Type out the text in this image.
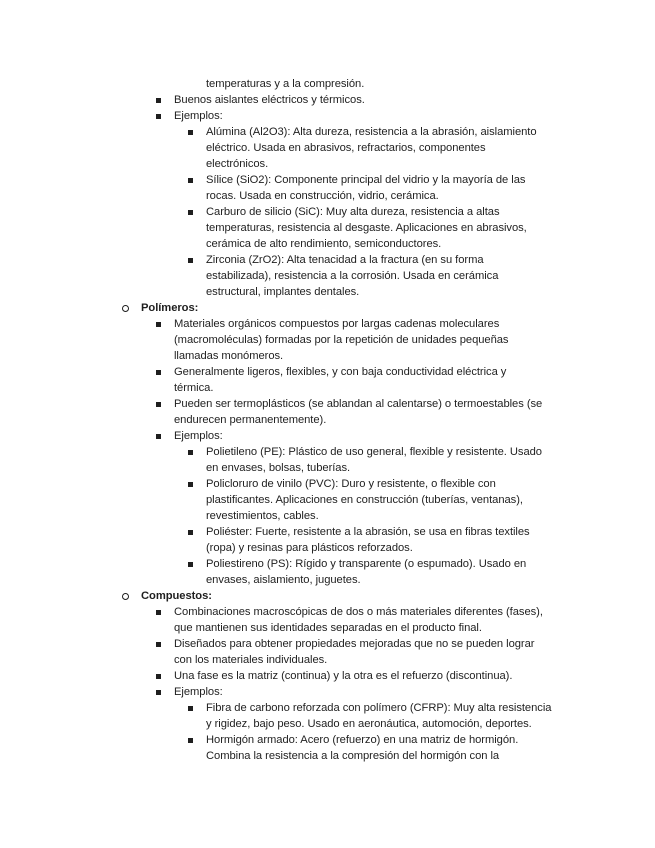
temperaturas y a la compresión.
Buenos aislantes eléctricos y térmicos.
Ejemplos:
Alúmina (Al2O3): Alta dureza, resistencia a la abrasión, aislamiento
eléctrico. Usada en abrasivos, refractarios, componentes
electrónicos.
Sílice (SiO2): Componente principal del vidrio y la mayoría de las
rocas. Usada en construcción, vidrio, cerámica.
Carburo de silicio (SiC): Muy alta dureza, resistencia a altas
temperaturas, resistencia al desgaste. Aplicaciones en abrasivos,
cerámica de alto rendimiento, semiconductores.
Zirconia (ZrO2): Alta tenacidad a la fractura (en su forma
estabilizada), resistencia a la corrosión. Usada en cerámica
estructural, implantes dentales.
Polímeros:
Materiales orgánicos compuestos por largas cadenas moleculares
(macromoléculas) formadas por la repetición de unidades pequeñas
llamadas monómeros.
Generalmente ligeros, flexibles, y con baja conductividad eléctrica y
térmica.
Pueden ser termoplásticos (se ablandan al calentarse) o termoestables (se
endurecen permanentemente).
Ejemplos:
Polietileno (PE): Plástico de uso general, flexible y resistente. Usado
en envases, bolsas, tuberías.
Policloruro de vinilo (PVC): Duro y resistente, o flexible con
plastificantes. Aplicaciones en construcción (tuberías, ventanas),
revestimientos, cables.
Poliéster: Fuerte, resistente a la abrasión, se usa en fibras textiles
(ropa) y resinas para plásticos reforzados.
Poliestireno (PS): Rígido y transparente (o espumado). Usado en
envases, aislamiento, juguetes.
Compuestos:
Combinaciones macroscópicas de dos o más materiales diferentes (fases),
que mantienen sus identidades separadas en el producto final.
Diseñados para obtener propiedades mejoradas que no se pueden lograr
con los materiales individuales.
Una fase es la matriz (continua) y la otra es el refuerzo (discontinua).
Ejemplos:
Fibra de carbono reforzada con polímero (CFRP): Muy alta resistencia
y rigidez, bajo peso. Usado en aeronáutica, automoción, deportes.
Hormigón armado: Acero (refuerzo) en una matriz de hormigón.
Combina la resistencia a la compresión del hormigón con la
